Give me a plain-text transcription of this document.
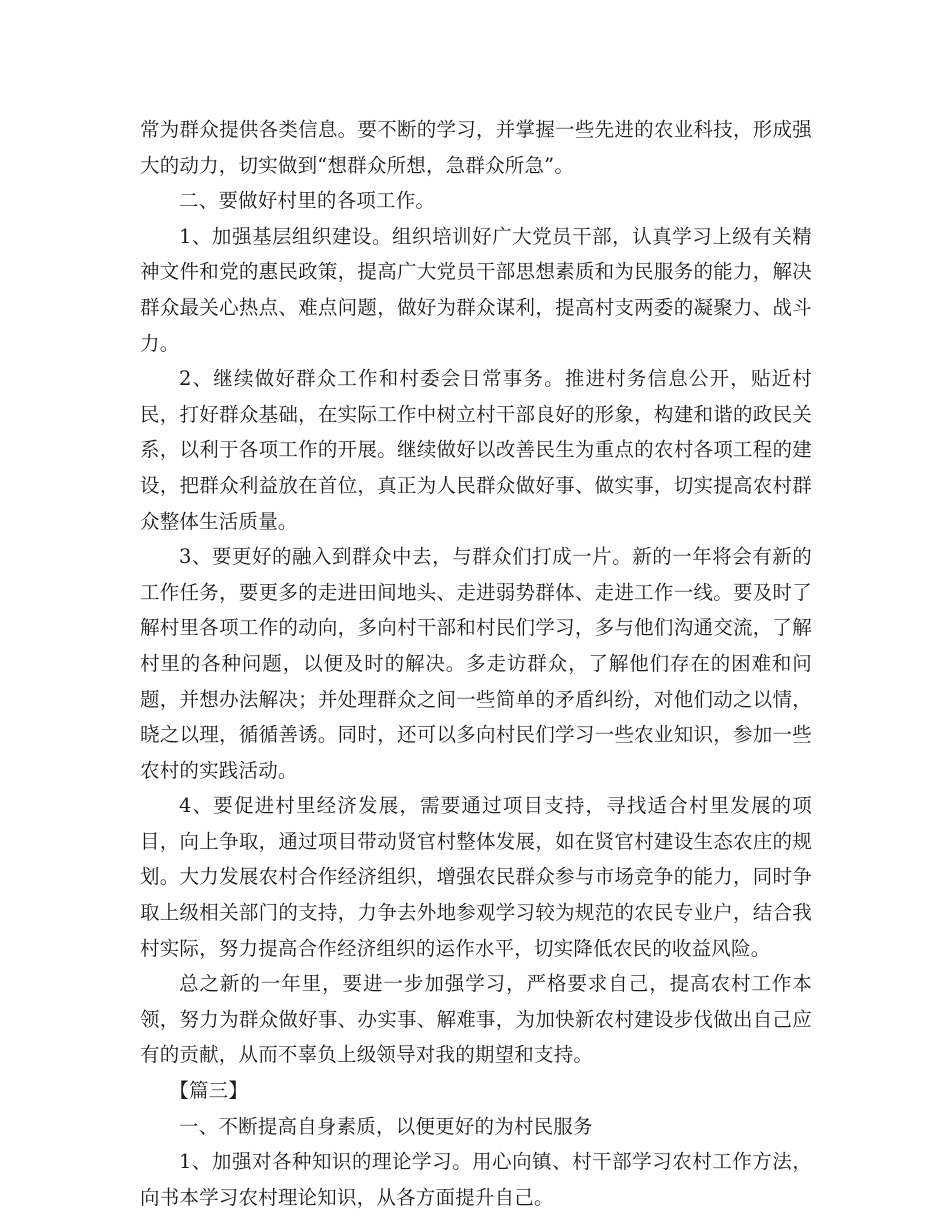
常为群众提供各类信息。要不断的学习，并掌握一些先进的农业科技，形成强大的动力，切实做到“想群众所想，急群众所急”。

二、要做好村里的各项工作。

1、加强基层组织建设。组织培训好广大党员干部，认真学习上级有关精神文件和党的惠民政策，提高广大党员干部思想素质和为民服务的能力，解决群众最关心热点、难点问题，做好为群众谋利，提高村支两委的凝聚力、战斗力。

2、继续做好群众工作和村委会日常事务。推进村务信息公开，贴近村民，打好群众基础，在实际工作中树立村干部良好的形象，构建和谐的政民关系，以利于各项工作的开展。继续做好以改善民生为重点的农村各项工程的建设，把群众利益放在首位，真正为人民群众做好事、做实事，切实提高农村群众整体生活质量。

3、要更好的融入到群众中去，与群众们打成一片。新的一年将会有新的工作任务，要更多的走进田间地头、走进弱势群体、走进工作一线。要及时了解村里各项工作的动向，多向村干部和村民们学习，多与他们沟通交流，了解村里的各种问题，以便及时的解决。多走访群众，了解他们存在的困难和问题，并想办法解决；并处理群众之间一些简单的矛盾纠纷，对他们动之以情，晓之以理，循循善诱。同时，还可以多向村民们学习一些农业知识，参加一些农村的实践活动。

4、要促进村里经济发展，需要通过项目支持，寻找适合村里发展的项目，向上争取，通过项目带动贤官村整体发展，如在贤官村建设生态农庄的规划。大力发展农村合作经济组织，增强农民群众参与市场竞争的能力，同时争取上级相关部门的支持，力争去外地参观学习较为规范的农民专业户，结合我村实际，努力提高合作经济组织的运作水平，切实降低农民的收益风险。

总之新的一年里，要进一步加强学习，严格要求自己，提高农村工作本领，努力为群众做好事、办实事、解难事，为加快新农村建设步伐做出自己应有的贡献，从而不辜负上级领导对我的期望和支持。

【篇三】

一、不断提高自身素质，以便更好的为村民服务

1、加强对各种知识的理论学习。用心向镇、村干部学习农村工作方法，向书本学习农村理论知识，从各方面提升自己。
